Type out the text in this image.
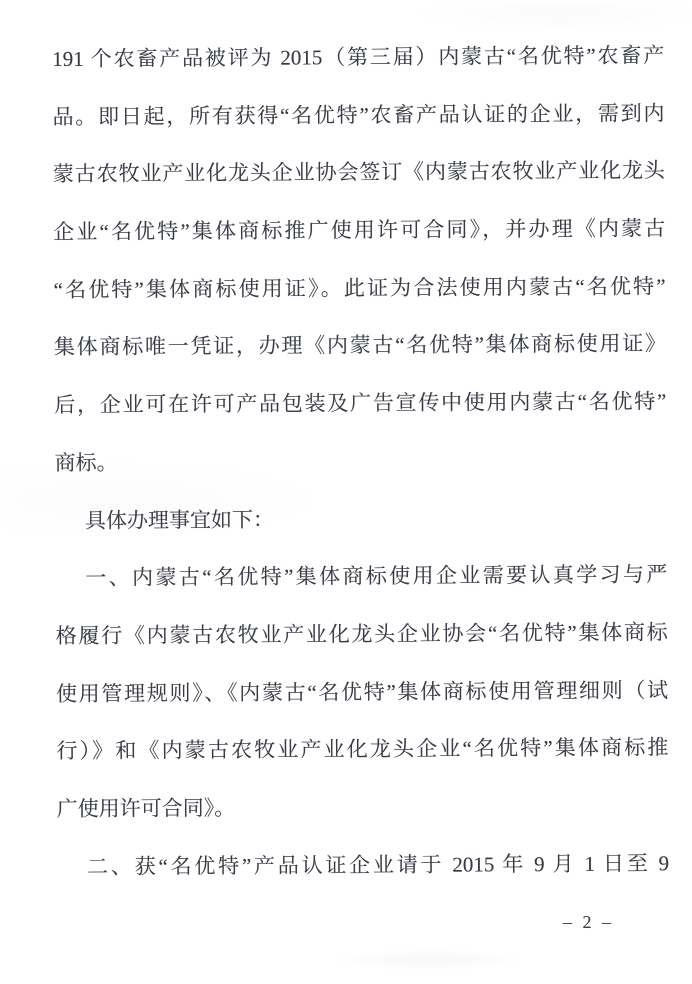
191 个农畜产品被评为 2015（第三届）内蒙古“名优特”农畜产
品。即日起，所有获得“名优特”农畜产品认证的企业，需到内
蒙古农牧业产业化龙头企业协会签订《内蒙古农牧业产业化龙头
企业“名优特”集体商标推广使用许可合同》，并办理《内蒙古
“名优特”集体商标使用证》。此证为合法使用内蒙古“名优特”
集体商标唯一凭证，办理《内蒙古“名优特”集体商标使用证》
后，企业可在许可产品包装及广告宣传中使用内蒙古“名优特”
商标。
具体办理事宜如下：
一、内蒙古“名优特”集体商标使用企业需要认真学习与严
格履行《内蒙古农牧业产业化龙头企业协会“名优特”集体商标
使用管理规则》、《内蒙古“名优特”集体商标使用管理细则（试
行）》和《内蒙古农牧业产业化龙头企业“名优特”集体商标推
广使用许可合同》。
二、获“名优特”产品认证企业请于 2015 年 9 月 1 日至 9
– 2 –
